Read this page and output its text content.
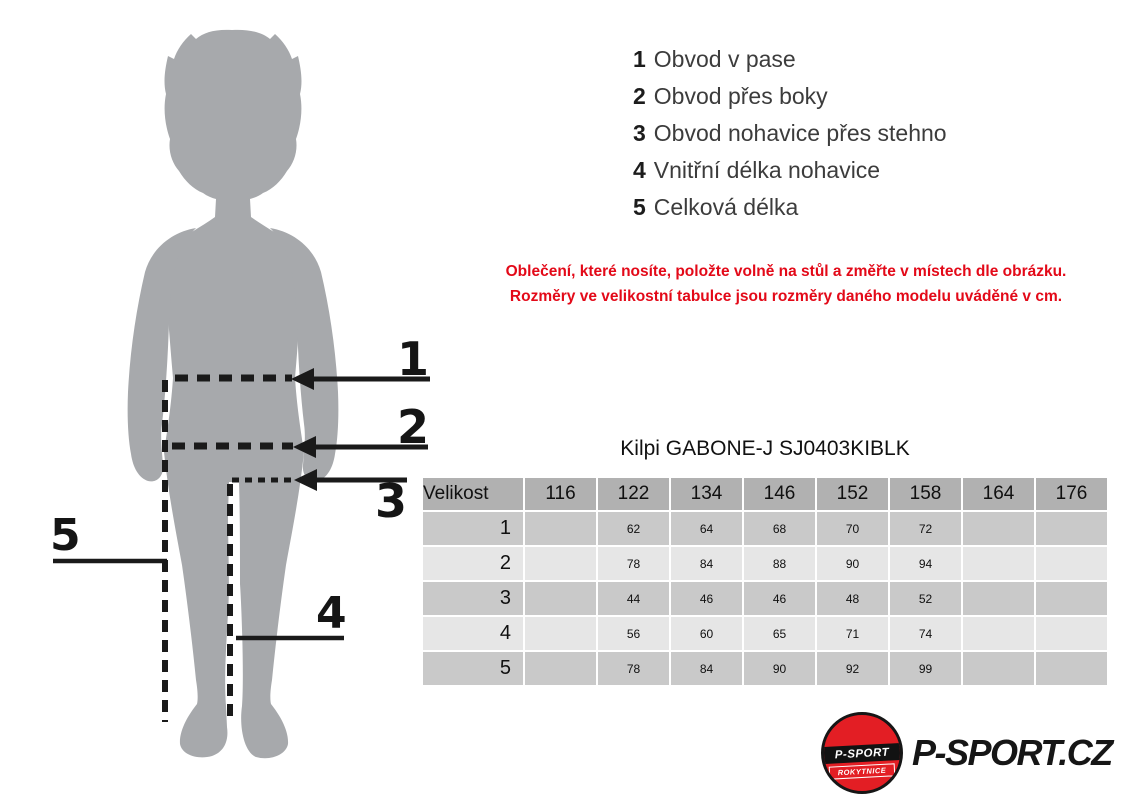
1
2
3
4
5
1 Obvod v pase
2 Obvod přes boky
3 Obvod nohavice přes stehno
4 Vnitřní délka nohavice
5 Celková délka
Oblečení, které nosíte, položte volně na stůl a změřte v místech dle obrázku.
Rozměry ve velikostní tabulce jsou rozměry daného modelu uváděné v cm.
Kilpi GABONE-J SJ0403KIBLK
Velikost	116	122	134	146	152	158	164	176
1		62	64	68	70	72		
2		78	84	88	90	94		
3		44	46	46	48	52		
4		56	60	65	71	74		
5		78	84	90	92	99		
P-SPORT
ROKYTNICE P-SPORT.CZ
